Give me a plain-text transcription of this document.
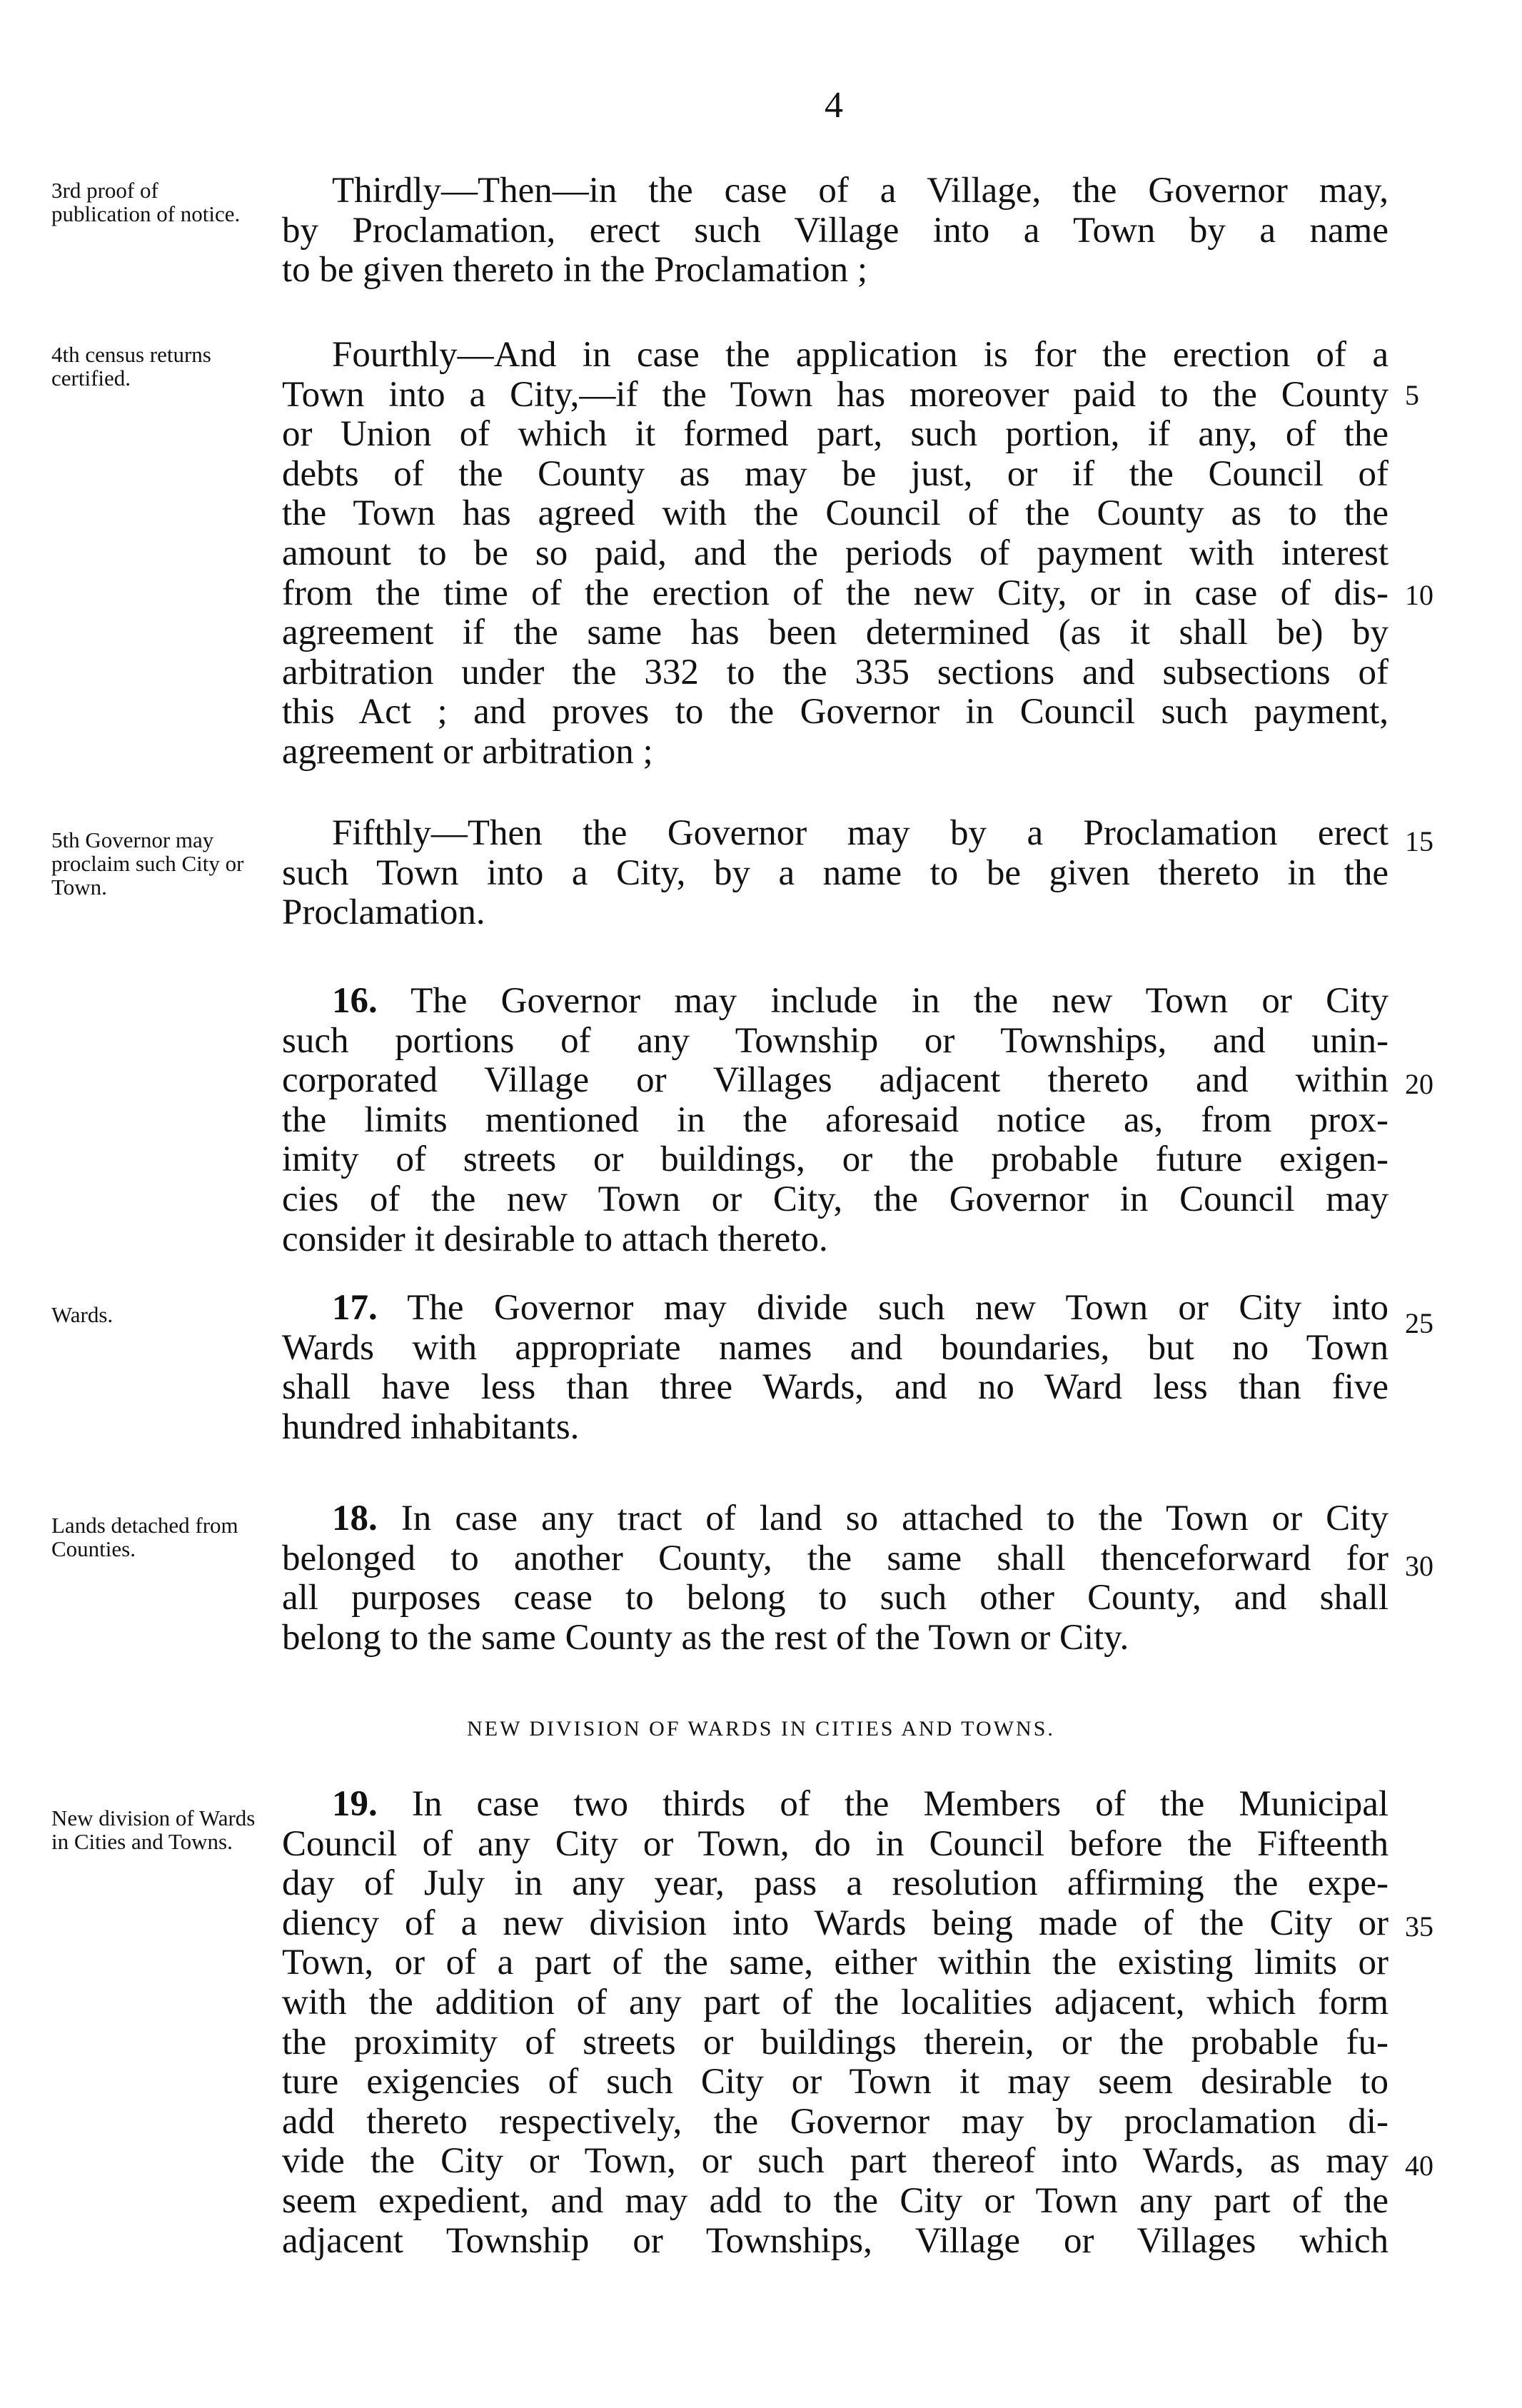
4
3rd proof of publication of notice.
Thirdly—Then—in the case of a Village, the Governor may,
by Proclamation, erect such Village into a Town by a name
to be given thereto in the Proclamation ;
4th census returns certified.
Fourthly—And in case the application is for the erection of a
Town into a City,—if the Town has moreover paid to the County
or Union of which it formed part, such portion, if any, of the
debts of the County as may be just, or if the Council of
the Town has agreed with the Council of the County as to the
amount to be so paid, and the periods of payment with interest
from the time of the erection of the new City, or in case of dis-
agreement if the same has been determined (as it shall be) by
arbitration under the 332 to the 335 sections and subsections of
this Act ; and proves to the Governor in Council such payment,
agreement or arbitration ;
5th Governor may proclaim such City or Town.
Fifthly—Then the Governor may by a Proclamation erect
such Town into a City, by a name to be given thereto in the
Proclamation.
16. The Governor may include in the new Town or City
such portions of any Township or Townships, and unin-
corporated Village or Villages adjacent thereto and within
the limits mentioned in the aforesaid notice as, from prox-
imity of streets or buildings, or the probable future exigen-
cies of the new Town or City, the Governor in Council may
consider it desirable to attach thereto.
Wards.	17. The Governor may divide such new Town or City into
Wards with appropriate names and boundaries, but no Town
shall have less than three Wards, and no Ward less than five
hundred inhabitants.
Lands detached from Counties.
18. In case any tract of land so attached to the Town or City
belonged to another County, the same shall thenceforward for
all purposes cease to belong to such other County, and shall
belong to the same County as the rest of the Town or City.
NEW DIVISION OF WARDS IN CITIES AND TOWNS.
New division of Wards in Cities and Towns.
19. In case two thirds of the Members of the Municipal
Council of any City or Town, do in Council before the Fifteenth
day of July in any year, pass a resolution affirming the expe-
diency of a new division into Wards being made of the City or
Town, or of a part of the same, either within the existing limits or
with the addition of any part of the localities adjacent, which form
the proximity of streets or buildings therein, or the probable fu-
ture exigencies of such City or Town it may seem desirable to
add thereto respectively, the Governor may by proclamation di-
vide the City or Town, or such part thereof into Wards, as may
seem expedient, and may add to the City or Town any part of the
adjacent Township or Townships, Village or Villages which
5
10
15
20
25
30
35
40
